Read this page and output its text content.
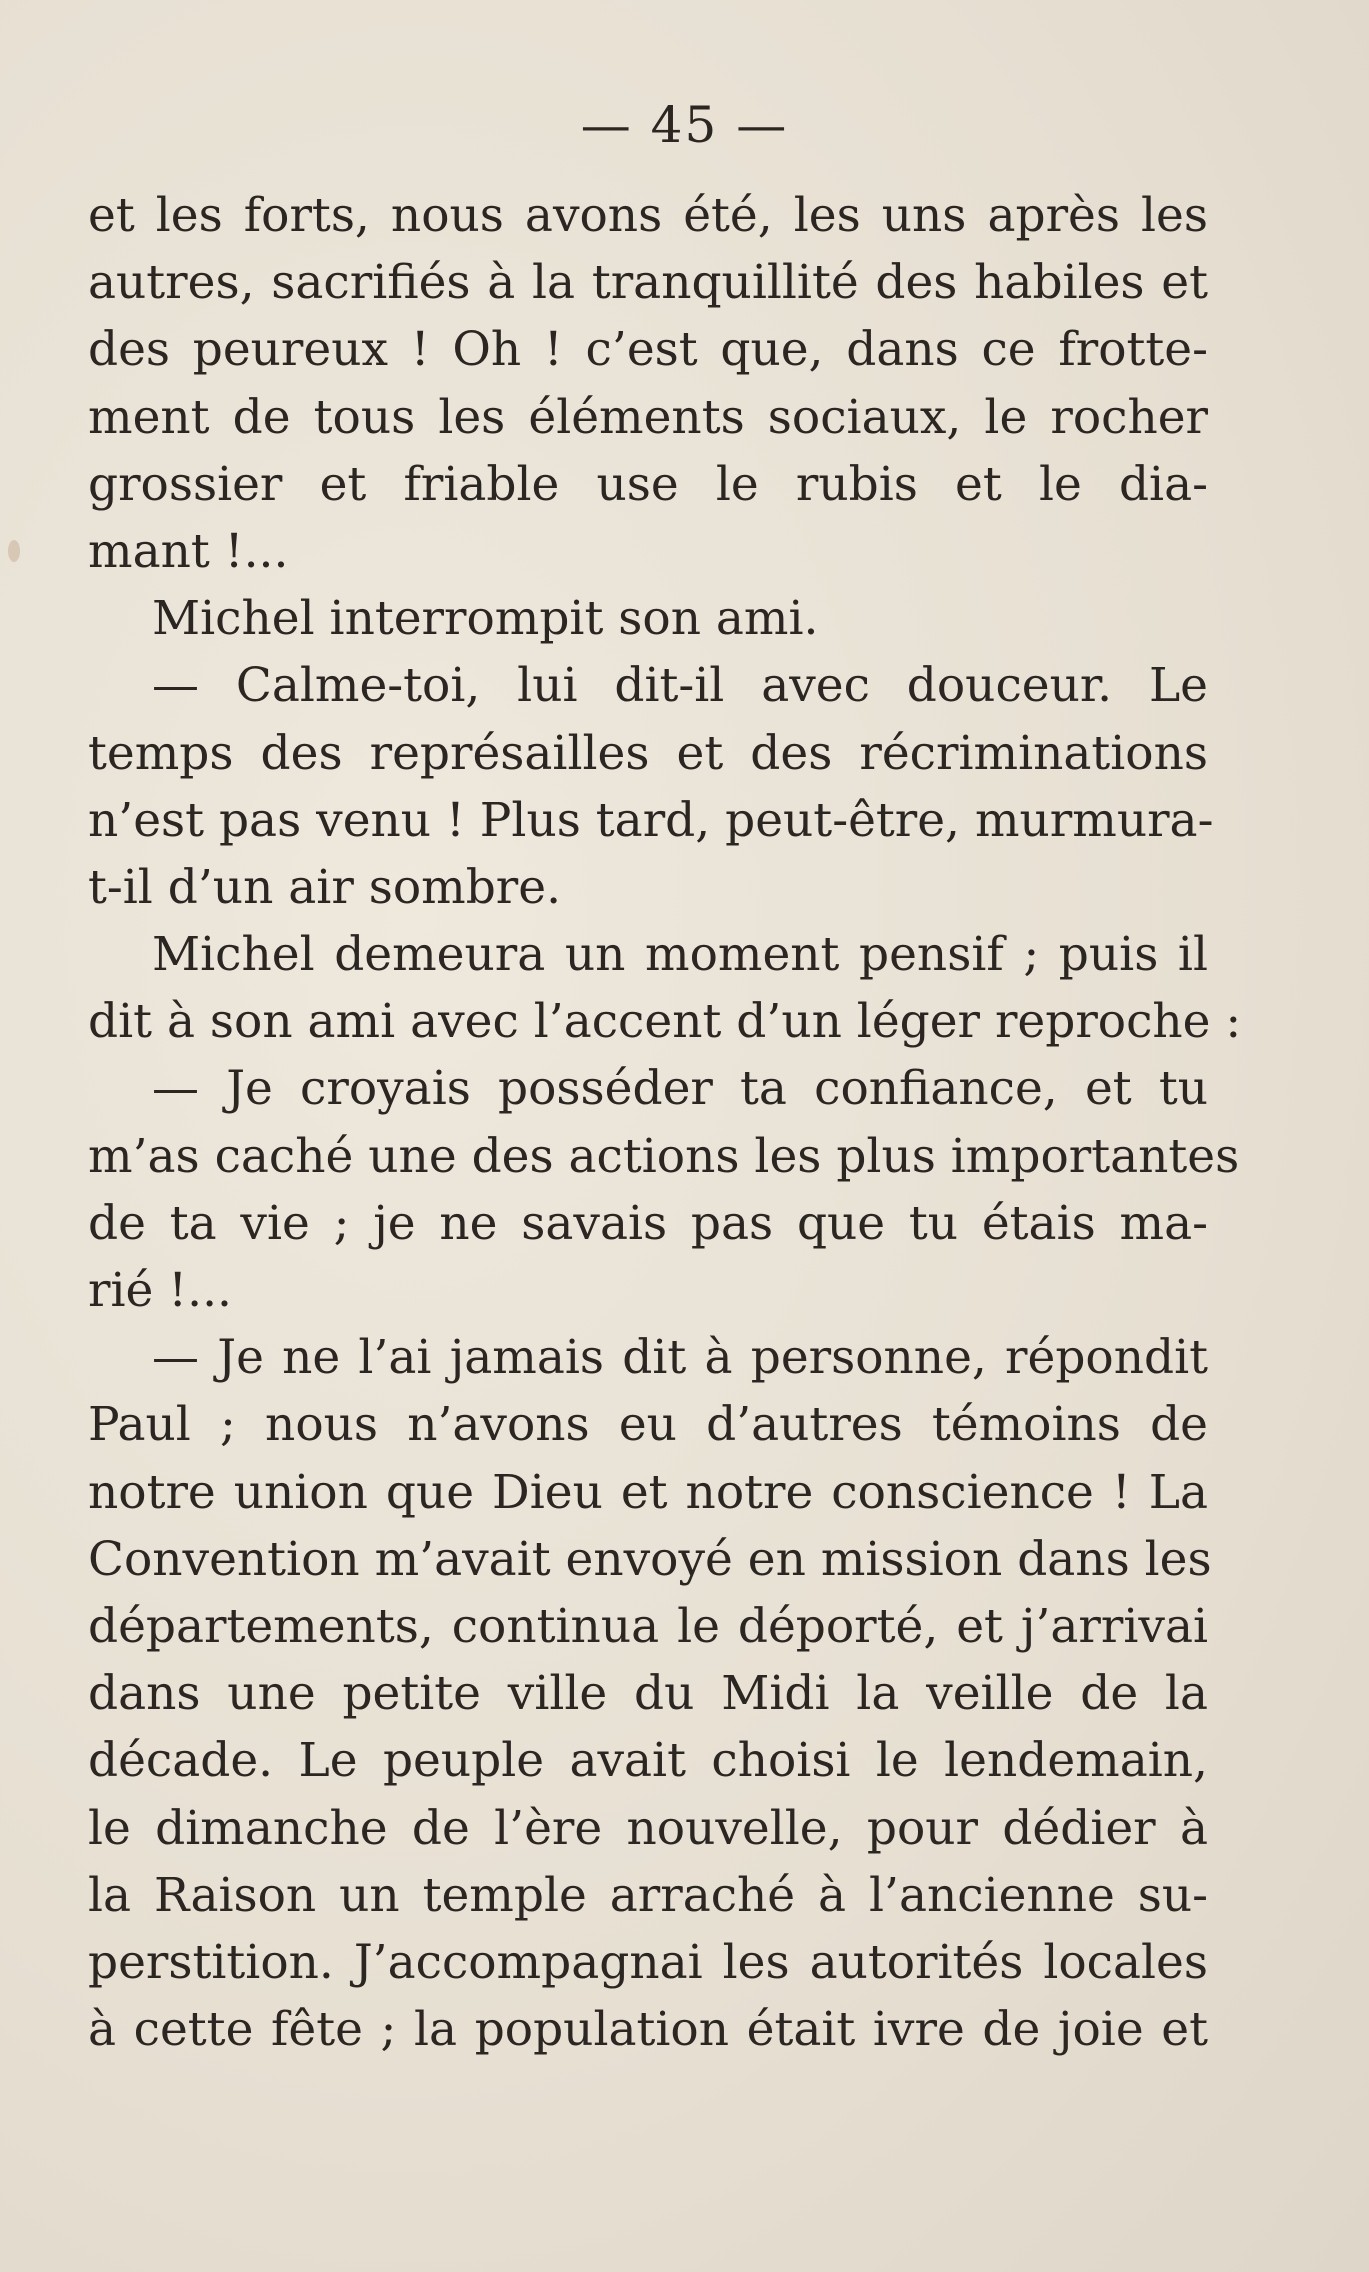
— 45 —
et les forts, nous avons été, les uns après les
autres, sacrifiés à la tranquillité des habiles et
des peureux ! Oh ! c’est que, dans ce frotte-
ment de tous les éléments sociaux, le rocher
grossier et friable use le rubis et le dia-
mant !...
Michel interrompit son ami.
— Calme-toi, lui dit-il avec douceur. Le
temps des représailles et des récriminations
n’est pas venu ! Plus tard, peut-être, murmura-
t-il d’un air sombre.
Michel demeura un moment pensif ; puis il
dit à son ami avec l’accent d’un léger reproche :
— Je croyais posséder ta confiance, et tu
m’as caché une des actions les plus importantes
de ta vie ; je ne savais pas que tu étais ma-
rié !...
— Je ne l’ai jamais dit à personne, répondit
Paul ; nous n’avons eu d’autres témoins de
notre union que Dieu et notre conscience ! La
Convention m’avait envoyé en mission dans les
départements, continua le déporté, et j’arrivai
dans une petite ville du Midi la veille de la
décade. Le peuple avait choisi le lendemain,
le dimanche de l’ère nouvelle, pour dédier à
la Raison un temple arraché à l’ancienne su-
perstition. J’accompagnai les autorités locales
à cette fête ; la population était ivre de joie et
